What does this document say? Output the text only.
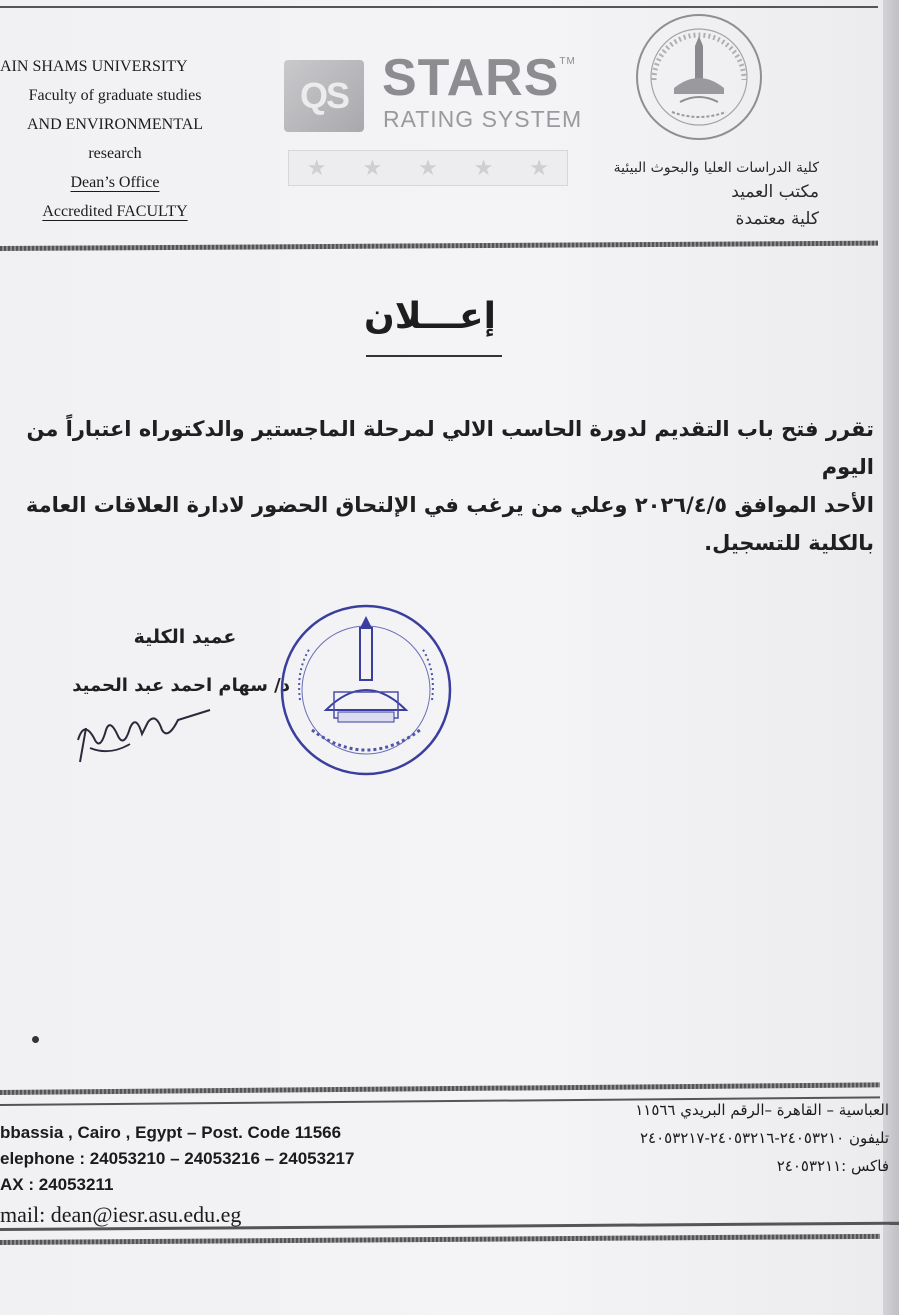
AIN SHAMS UNIVERSITY
Faculty of graduate studies
AND ENVIRONMENTAL
research
Dean’s Office
Accredited FACULTY
QS STARS™
RATING SYSTEM
★ ★ ★ ★ ★	كلية الدراسات العليا والبحوث البيئية
مكتب العميد
كلية معتمدة
إعـــلان

تقرر فتح باب التقديم لدورة الحاسب الالي لمرحلة الماجستير والدكتوراه اعتباراً من اليوم

الأحد الموافق ٢٠٢٦/٤/٥ وعلي من يرغب في الإلتحاق الحضور لادارة العلاقات العامة

بالكلية للتسجيل.

عميد الكلية
د/ سهام احمد عبد الحميد
bbassia , Cairo , Egypt – Post. Code 11566
elephone : 24053210 – 24053216 – 24053217
AX : 24053211
mail: dean@iesr.asu.edu.eg
العباسية – القاهرة –الرقم البريدي ١١٥٦٦
تليفون ٢٤٠٥٣٢١٠-٢٤٠٥٣٢١٦-٢٤٠٥٣٢١٧
فاكس :٢٤٠٥٣٢١١
